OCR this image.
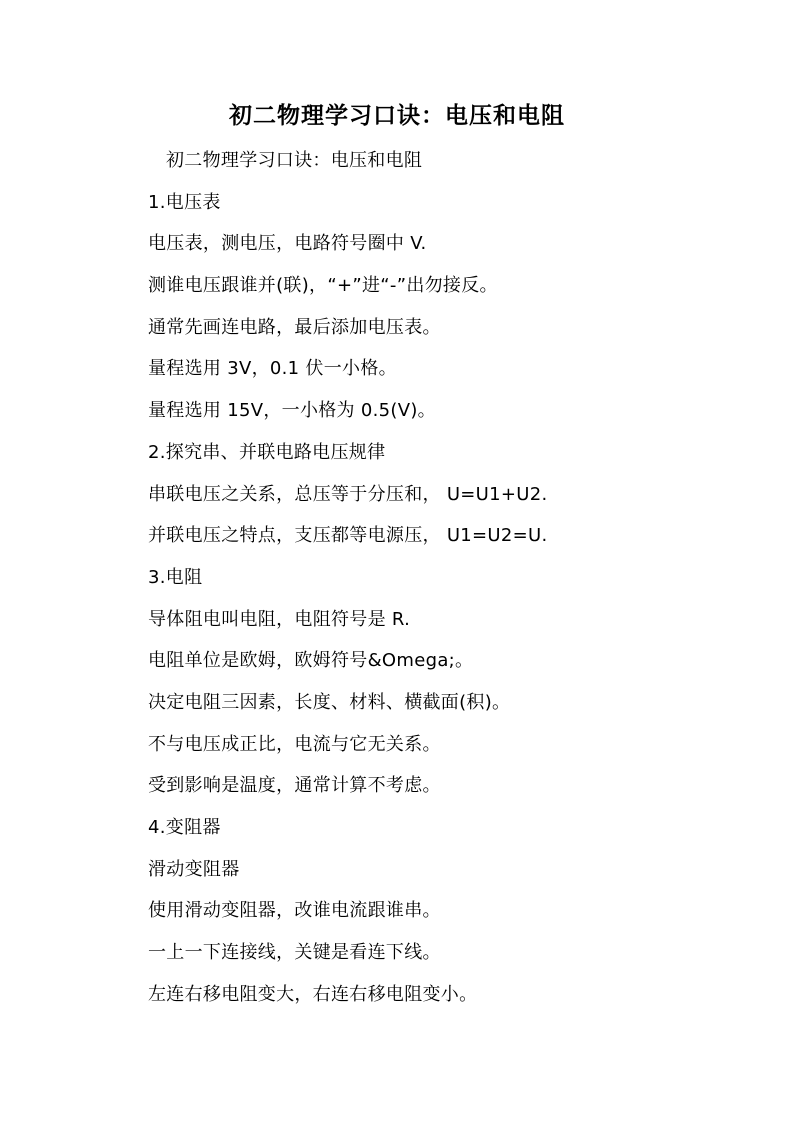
初二物理学习口诀：电压和电阻
初二物理学习口诀：电压和电阻
1.电压表
电压表，测电压，电路符号圈中 V.
测谁电压跟谁并(联)，“+”进“-”出勿接反。
通常先画连电路，最后添加电压表。
量程选用 3V，0.1 伏一小格。
量程选用 15V，一小格为 0.5(V)。
2.探究串、并联电路电压规律
串联电压之关系，总压等于分压和， U=U1+U2.
并联电压之特点，支压都等电源压， U1=U2=U.
3.电阻
导体阻电叫电阻，电阻符号是 R.
电阻单位是欧姆，欧姆符号&Omega;。
决定电阻三因素，长度、材料、横截面(积)。
不与电压成正比，电流与它无关系。
受到影响是温度，通常计算不考虑。
4.变阻器
滑动变阻器
使用滑动变阻器，改谁电流跟谁串。
一上一下连接线，关键是看连下线。
左连右移电阻变大，右连右移电阻变小。
